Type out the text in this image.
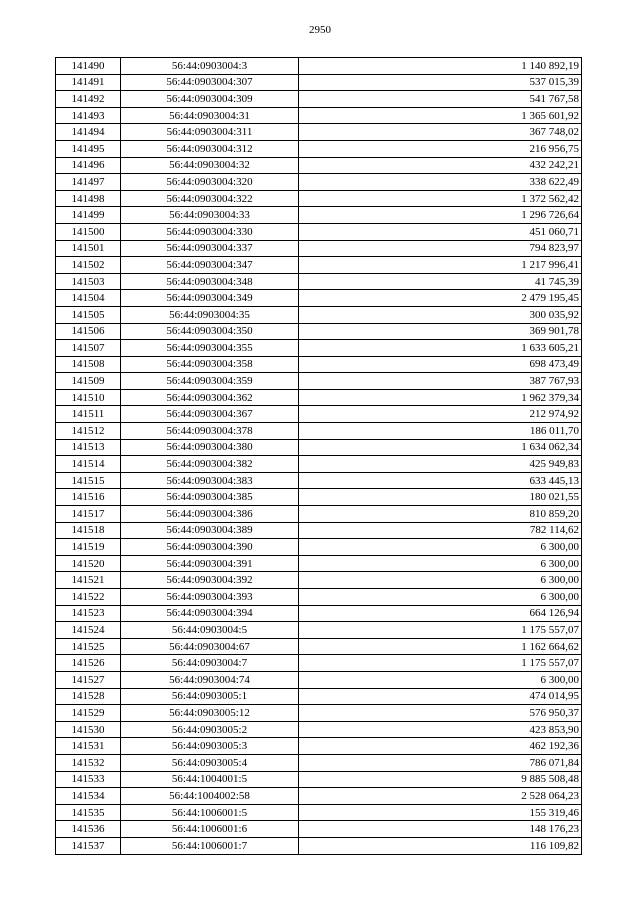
2950
141490	56:44:0903004:3	1 140 892,19
141491	56:44:0903004:307	537 015,39
141492	56:44:0903004:309	541 767,58
141493	56:44:0903004:31	1 365 601,92
141494	56:44:0903004:311	367 748,02
141495	56:44:0903004:312	216 956,75
141496	56:44:0903004:32	432 242,21
141497	56:44:0903004:320	338 622,49
141498	56:44:0903004:322	1 372 562,42
141499	56:44:0903004:33	1 296 726,64
141500	56:44:0903004:330	451 060,71
141501	56:44:0903004:337	794 823,97
141502	56:44:0903004:347	1 217 996,41
141503	56:44:0903004:348	41 745,39
141504	56:44:0903004:349	2 479 195,45
141505	56:44:0903004:35	300 035,92
141506	56:44:0903004:350	369 901,78
141507	56:44:0903004:355	1 633 605,21
141508	56:44:0903004:358	698 473,49
141509	56:44:0903004:359	387 767,93
141510	56:44:0903004:362	1 962 379,34
141511	56:44:0903004:367	212 974,92
141512	56:44:0903004:378	186 011,70
141513	56:44:0903004:380	1 634 062,34
141514	56:44:0903004:382	425 949,83
141515	56:44:0903004:383	633 445,13
141516	56:44:0903004:385	180 021,55
141517	56:44:0903004:386	810 859,20
141518	56:44:0903004:389	782 114,62
141519	56:44:0903004:390	6 300,00
141520	56:44:0903004:391	6 300,00
141521	56:44:0903004:392	6 300,00
141522	56:44:0903004:393	6 300,00
141523	56:44:0903004:394	664 126,94
141524	56:44:0903004:5	1 175 557,07
141525	56:44:0903004:67	1 162 664,62
141526	56:44:0903004:7	1 175 557,07
141527	56:44:0903004:74	6 300,00
141528	56:44:0903005:1	474 014,95
141529	56:44:0903005:12	576 950,37
141530	56:44:0903005:2	423 853,90
141531	56:44:0903005:3	462 192,36
141532	56:44:0903005:4	786 071,84
141533	56:44:1004001:5	9 885 508,48
141534	56:44:1004002:58	2 528 064,23
141535	56:44:1006001:5	155 319,46
141536	56:44:1006001:6	148 176,23
141537	56:44:1006001:7	116 109,82
